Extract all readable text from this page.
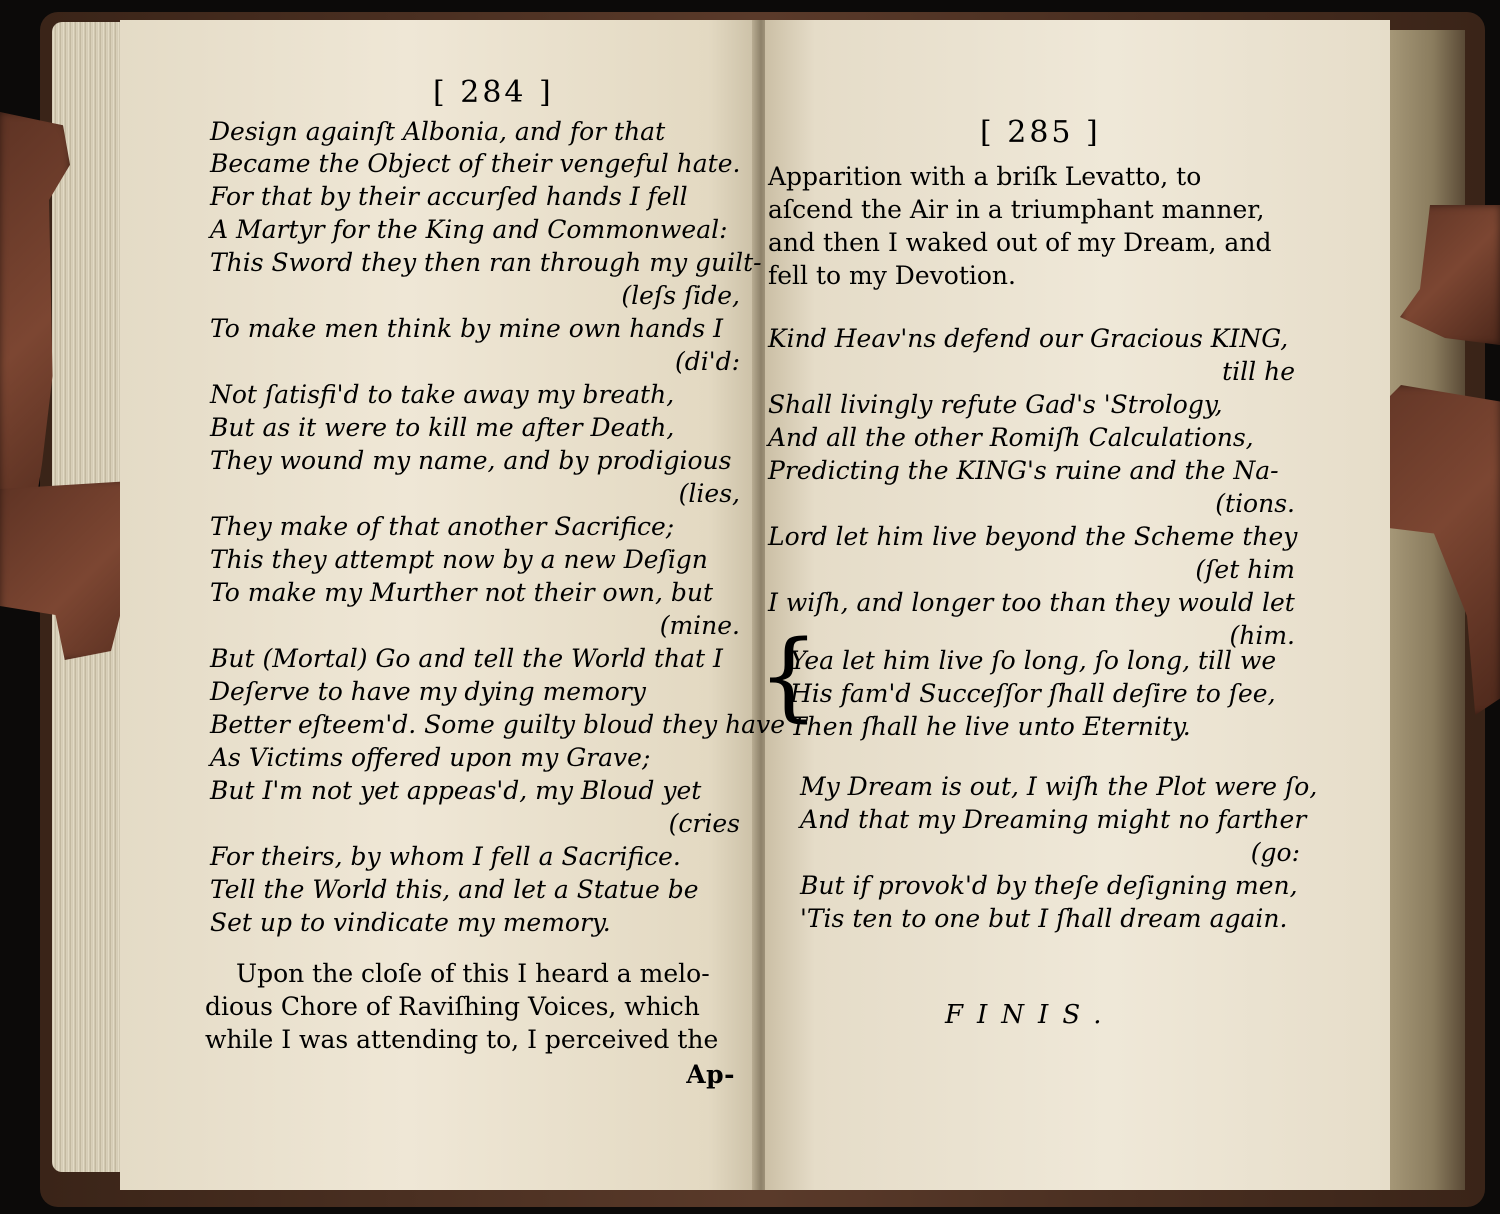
[ 284 ]
Design againſt Albonia, and for that
Became the Object of their vengeful hate.
For that by their accurſed hands I fell
A Martyr for the King and Commonweal:
This Sword they then ran through my guilt-
(leſs ſide,
To make men think by mine own hands I
(di'd:
Not ſatisfi'd to take away my breath,
But as it were to kill me after Death,
They wound my name, and by prodigious
(lies,
They make of that another Sacrifice;
This they attempt now by a new Deſign
To make my Murther not their own, but
(mine.
But (Mortal) Go and tell the World that I
Deſerve to have my dying memory
Better eſteem'd. Some guilty bloud they have
As Victims offered upon my Grave;
But I'm not yet appeas'd, my Bloud yet
(cries
For theirs, by whom I fell a Sacrifice.
Tell the World this, and let a Statue be
Set up to vindicate my memory.
Upon the cloſe of this I heard a melo-
dious Chore of Raviſhing Voices, which
while I was attending to, I perceived the
Ap-
[ 285 ]
Apparition with a briſk Levatto, to
aſcend the Air in a triumphant manner,
and then I waked out of my Dream, and
fell to my Devotion.
Kind Heav'ns defend our Gracious KING,
till he
Shall livingly refute Gad's 'Strology,
And all the other Romiſh Calculations,
Predicting the KING's ruine and the Na-
(tions.
Lord let him live beyond the Scheme they
(ſet him
I wiſh, and longer too than they would let
(him.
{
Yea let him live ſo long, ſo long, till we
His fam'd Succeſſor ſhall deſire to ſee,
Then ſhall he live unto Eternity.
My Dream is out, I wiſh the Plot were ſo,
And that my Dreaming might no farther
(go:
But if provok'd by theſe deſigning men,
'Tis ten to one but I ſhall dream again.
FINIS.
